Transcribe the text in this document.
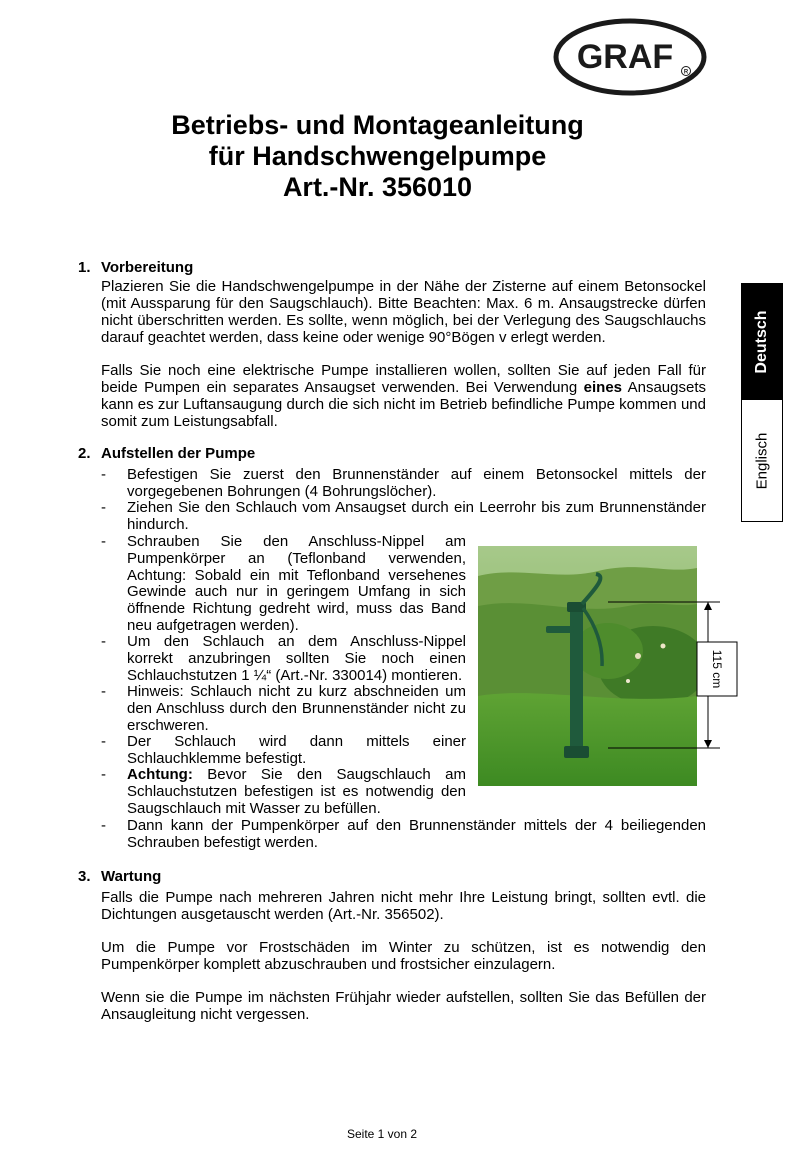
GRAF R
Betriebs- und Montageanleitung
für Handschwengelpumpe
Art.-Nr. 356010
Deutsch
Englisch
1. Vorbereitung
Plazieren Sie die Handschwengelpumpe in der Nähe der Zisterne auf einem Betonsockel (mit Aussparung für den Saugschlauch). Bitte Beachten: Max. 6 m. Ansaugstrecke dürfen nicht überschritten werden. Es sollte, wenn möglich, bei der Verlegung des Saugschlauchs darauf geachtet werden, dass keine oder wenige 90°Bögen v erlegt werden.
Falls Sie noch eine elektrische Pumpe installieren wollen, sollten Sie auf jeden Fall für beide Pumpen ein separates Ansaugset verwenden. Bei Verwendung eines Ansaugsets kann es zur Luftansaugung durch die sich nicht im Betrieb befindliche Pumpe kommen und somit zum Leistungsabfall.
2. Aufstellen der Pumpe
- Befestigen Sie zuerst den Brunnenständer auf einem Betonsockel mittels der vorgegebenen Bohrungen (4 Bohrungslöcher).
- Ziehen Sie den Schlauch vom Ansaugset durch ein Leerrohr bis zum Brunnenständer hindurch.
- Schrauben Sie den Anschluss-Nippel am Pumpenkörper an (Teflonband verwenden, Achtung: Sobald ein mit Teflonband versehenes Gewinde auch nur in geringem Umfang in sich öffnende Richtung gedreht wird, muss das Band neu aufgetragen werden).
- Um den Schlauch an dem Anschluss-Nippel korrekt anzubringen sollten Sie noch einen Schlauchstutzen 1 ¼“ (Art.-Nr. 330014) montieren.
- Hinweis: Schlauch nicht zu kurz abschneiden um den Anschluss durch den Brunnenständer nicht zu erschweren.
- Der Schlauch wird dann mittels einer Schlauchklemme befestigt.
- Achtung: Bevor Sie den Saugschlauch am Schlauchstutzen befestigen ist es notwendig den Saugschlauch mit Wasser zu befüllen.
- Dann kann der Pumpenkörper auf den Brunnenständer mittels der 4 beiliegenden Schrauben befestigt werden.
115 cm
3. Wartung
Falls die Pumpe nach mehreren Jahren nicht mehr Ihre Leistung bringt, sollten evtl. die Dichtungen ausgetauscht werden (Art.-Nr. 356502).
Um die Pumpe vor Frostschäden im Winter zu schützen, ist es notwendig den Pumpenkörper komplett abzuschrauben und frostsicher einzulagern.
Wenn sie die Pumpe im nächsten Frühjahr wieder aufstellen, sollten Sie das Befüllen der Ansaugleitung nicht vergessen.
Seite 1 von 2
